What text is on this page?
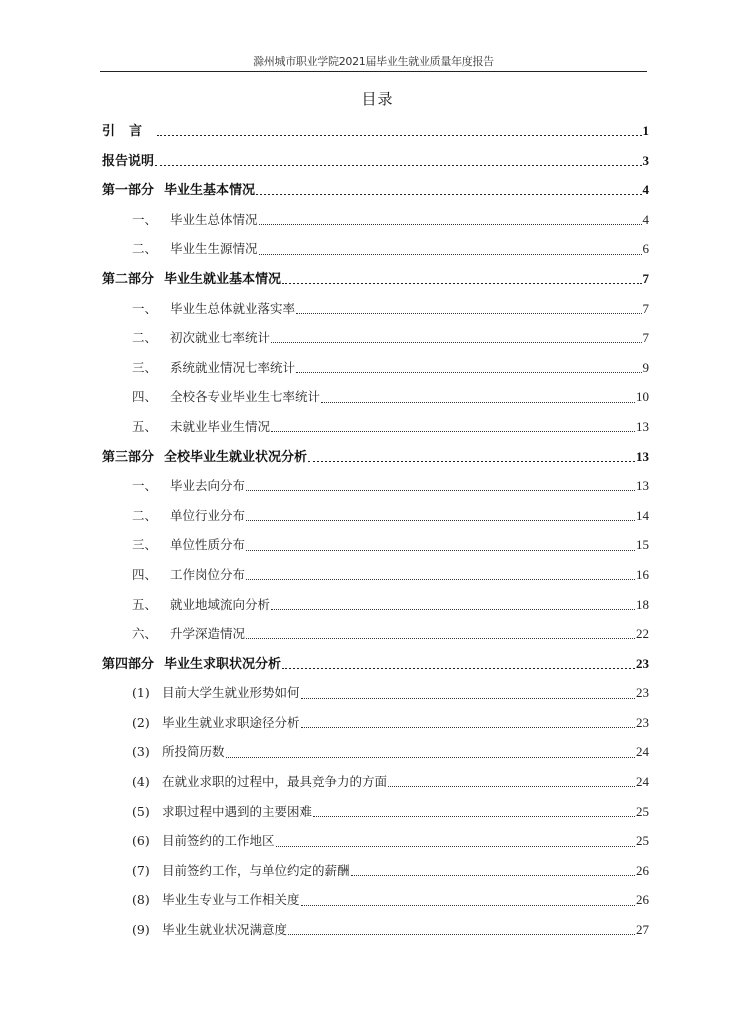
滁州城市职业学院2021届毕业生就业质量年度报告
目录
引言	1
报告说明	3
第一部分 毕业生基本情况	4
一、 毕业生总体情况	4
二、 毕业生生源情况	6
第二部分 毕业生就业基本情况	7
一、 毕业生总体就业落实率	7
二、 初次就业七率统计	7
三、 系统就业情况七率统计	9
四、 全校各专业毕业生七率统计	10
五、 未就业毕业生情况	13
第三部分 全校毕业生就业状况分析	13
一、 毕业去向分布	13
二、 单位行业分布	14
三、 单位性质分布	15
四、 工作岗位分布	16
五、 就业地域流向分析	18
六、 升学深造情况	22
第四部分 毕业生求职状况分析	23
(1) 目前大学生就业形势如何	23
(2) 毕业生就业求职途径分析	23
(3) 所投简历数	24
(4) 在就业求职的过程中，最具竞争力的方面	24
(5) 求职过程中遇到的主要困难	25
(6) 目前签约的工作地区	25
(7) 目前签约工作，与单位约定的薪酬	26
(8) 毕业生专业与工作相关度	26
(9) 毕业生就业状况满意度	27
